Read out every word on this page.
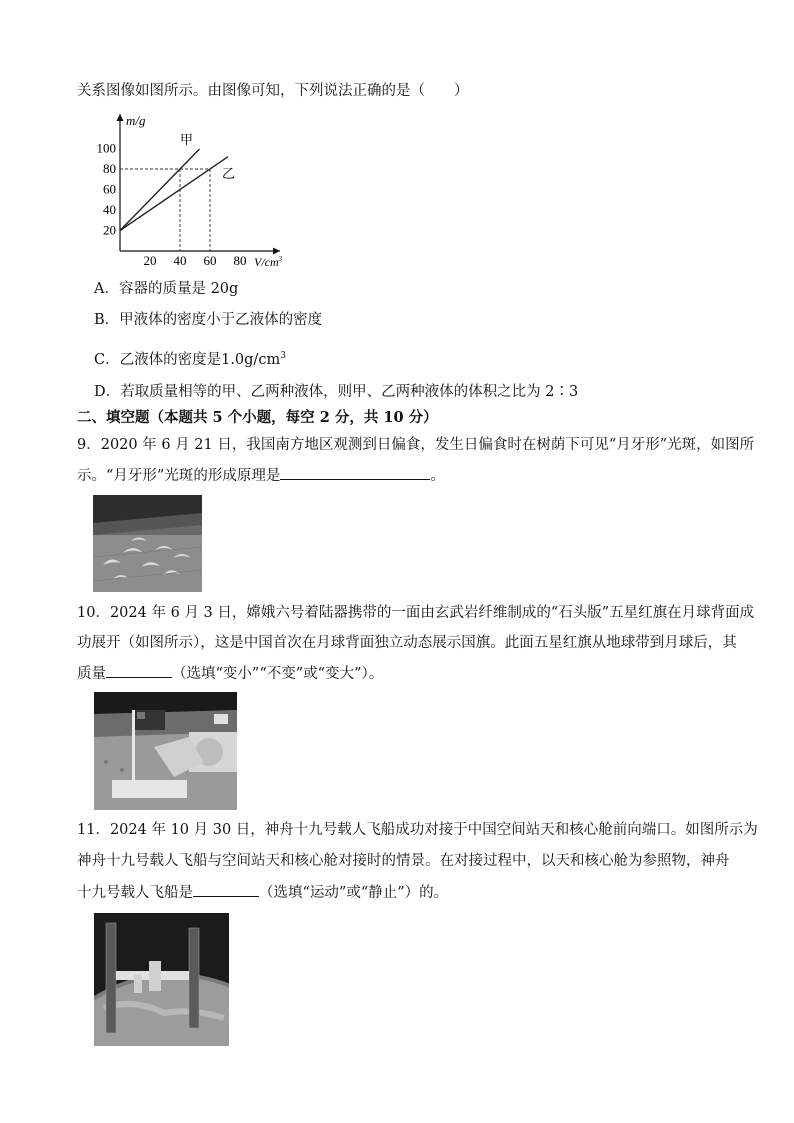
关系图像如图所示。由图像可知，下列说法正确的是（　　）
m/g
$V/cm^3$
20
40
60
80
100
20 40 60 80
甲
乙
A．容器的质量是 20g
B．甲液体的密度小于乙液体的密度
C．乙液体的密度是$1.0g/cm^3$
D．若取质量相等的甲、乙两种液体，则甲、乙两种液体的体积之比为 2∶3
二、填空题（本题共 5 个小题，每空 2 分，共 10 分）
9．2020 年 6 月 21 日，我国南方地区观测到日偏食，发生日偏食时在树荫下可见“月牙形”光斑，如图所
示。“月牙形”光斑的形成原理是	。
10．2024 年 6 月 3 日，嫦娥六号着陆器携带的一面由玄武岩纤维制成的“石头版”五星红旗在月球背面成
功展开（如图所示），这是中国首次在月球背面独立动态展示国旗。此面五星红旗从地球带到月球后，其
质量	（选填“变小”“不变”或“变大”）。
11．2024 年 10 月 30 日，神舟十九号载人飞船成功对接于中国空间站天和核心舱前向端口。如图所示为
神舟十九号载人飞船与空间站天和核心舱对接时的情景。在对接过程中，以天和核心舱为参照物，神舟
十九号载人飞船是	（选填“运动”或“静止”）的。
